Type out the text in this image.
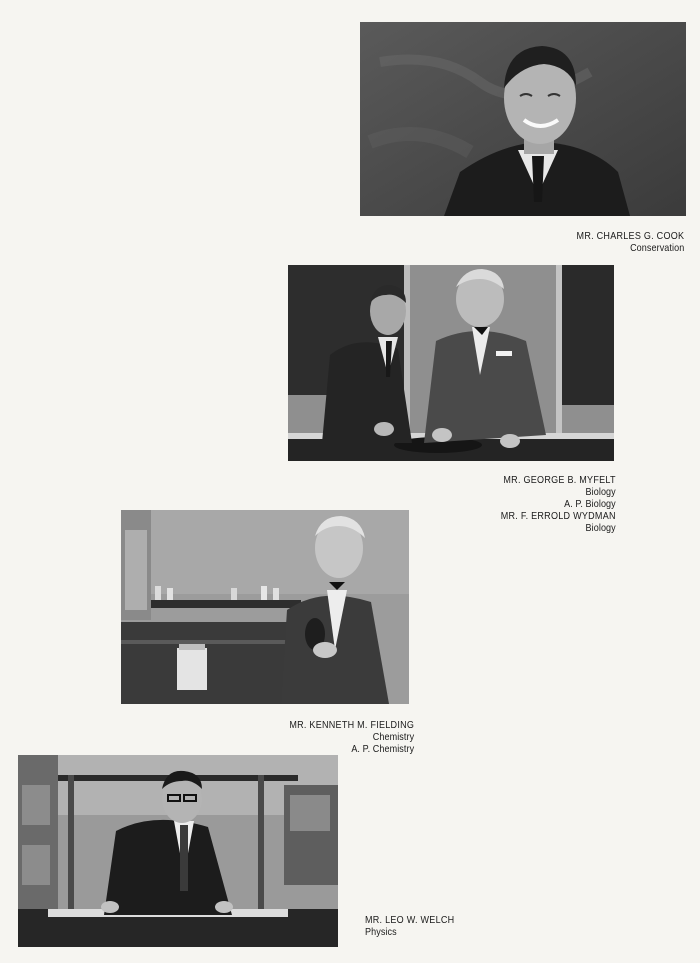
MR. CHARLES G. COOK
Conservation
MR. GEORGE B. MYFELT
Biology
A. P. Biology
MR. F. ERROLD WYDMAN
Biology
MR. KENNETH M. FIELDING
Chemistry
A. P. Chemistry
MR. LEO W. WELCH
Physics
